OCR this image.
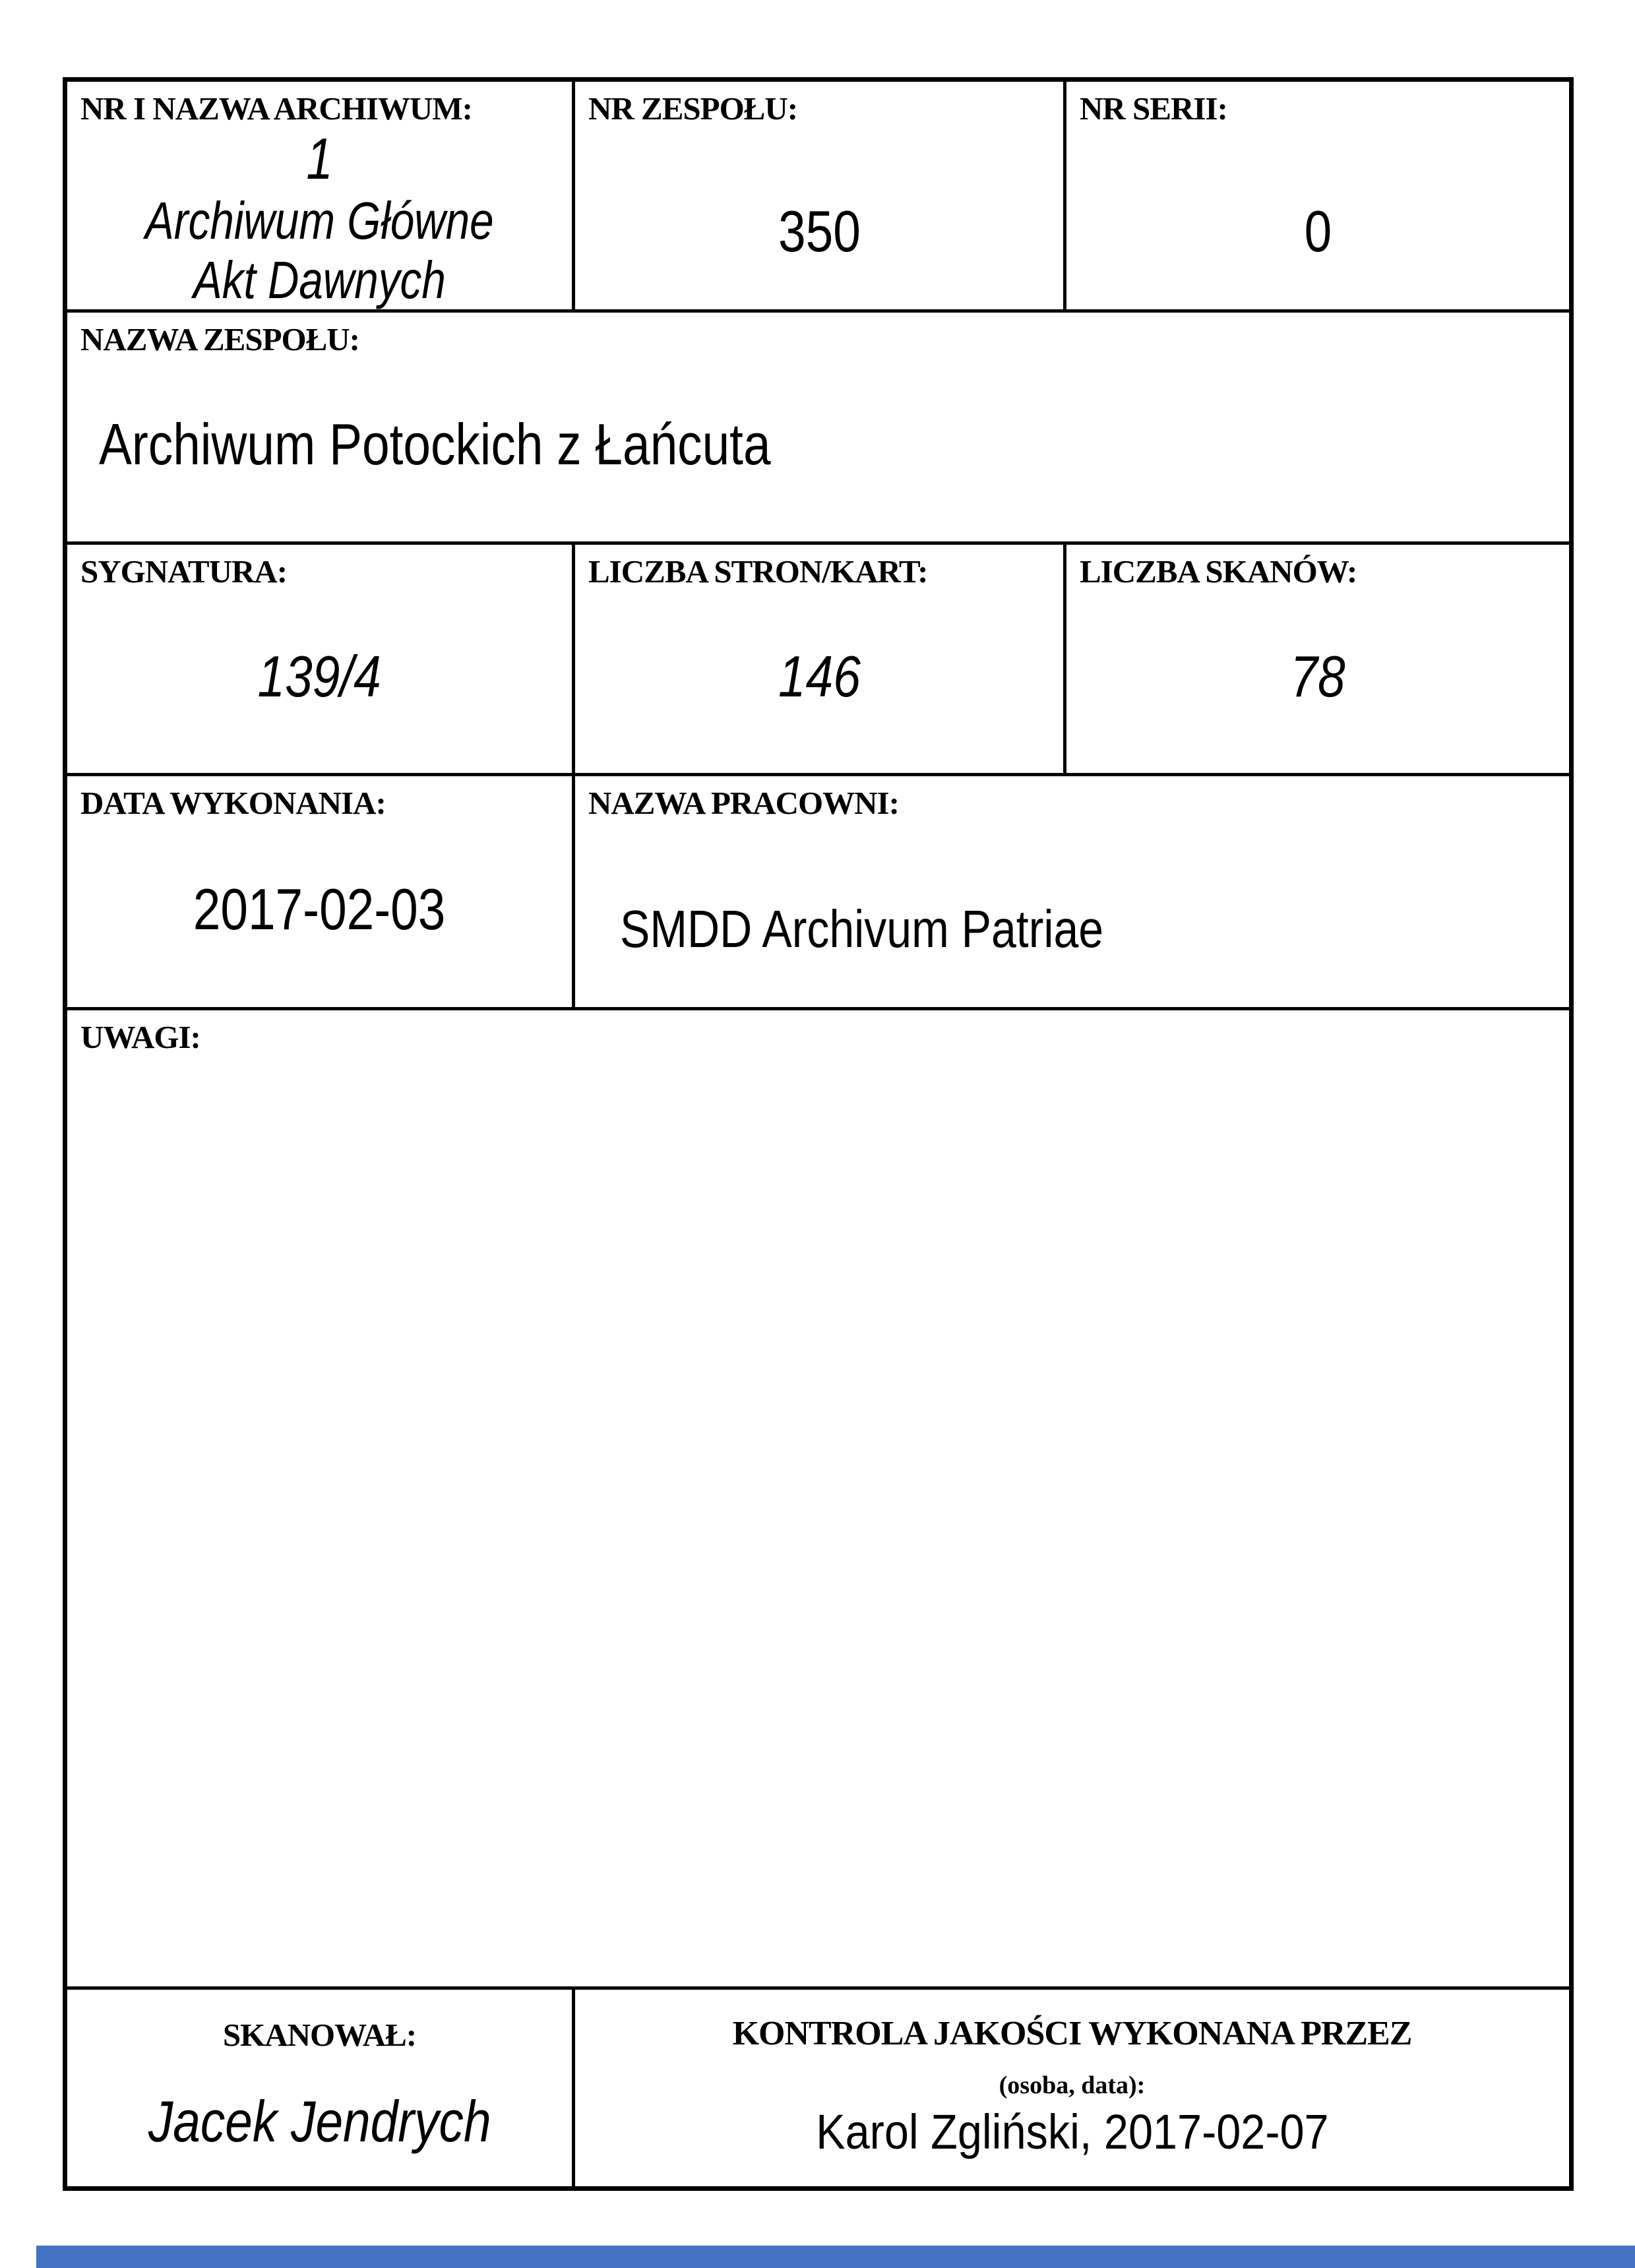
NR I NAZWA ARCHIWUM:
1
Archiwum Główne
Akt Dawnych
NR ZESPOŁU:
350
NR SERII:
0
NAZWA ZESPOŁU:
Archiwum Potockich z Łańcuta
SYGNATURA:
139/4
LICZBA STRON/KART:
146
LICZBA SKANÓW:
78
DATA WYKONANIA:
2017-02-03
NAZWA PRACOWNI:
SMDD Archivum Patriae
UWAGI:
SKANOWAŁ:
Jacek Jendrych
KONTROLA JAKOŚCI WYKONANA PRZEZ
(osoba, data):
Karol Zgliński, 2017-02-07
